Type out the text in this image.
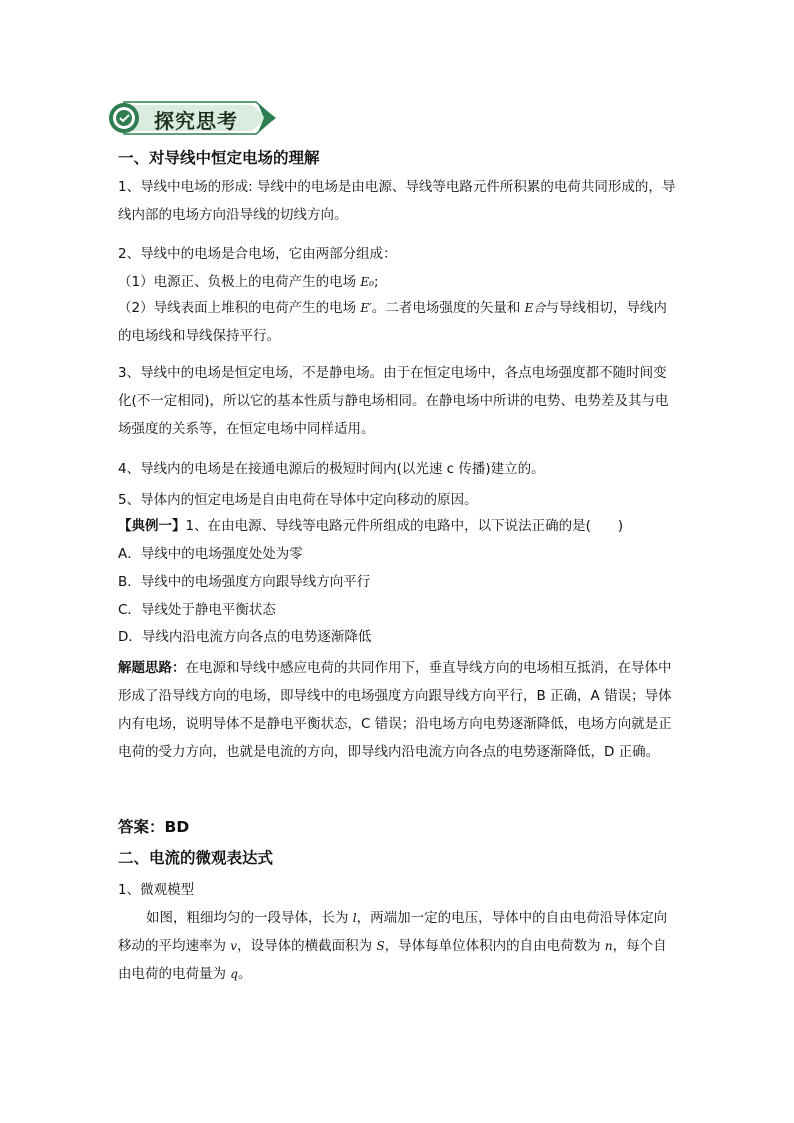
探究思考
一、对导线中恒定电场的理解
1、导线中电场的形成: 导线中的电场是由电源、导线等电路元件所积累的电荷共同形成的，导线内部的电场方向沿导线的切线方向。
2、导线中的电场是合电场，它由两部分组成：
（1）电源正、负极上的电荷产生的电场 E₀;
（2）导线表面上堆积的电荷产生的电场 E′。二者电场强度的矢量和 E合与导线相切，导线内的电场线和导线保持平行。
3、导线中的电场是恒定电场，不是静电场。由于在恒定电场中，各点电场强度都不随时间变化(不一定相同)，所以它的基本性质与静电场相同。在静电场中所讲的电势、电势差及其与电场强度的关系等，在恒定电场中同样适用。
4、导线内的电场是在接通电源后的极短时间内(以光速 c 传播)建立的。
5、导体内的恒定电场是自由电荷在导体中定向移动的原因。
【典例一】1、在由电源、导线等电路元件所组成的电路中，以下说法正确的是(　　)
A．导线中的电场强度处处为零
B．导线中的电场强度方向跟导线方向平行
C．导线处于静电平衡状态
D．导线内沿电流方向各点的电势逐渐降低
解题思路：在电源和导线中感应电荷的共同作用下，垂直导线方向的电场相互抵消，在导体中形成了沿导线方向的电场，即导线中的电场强度方向跟导线方向平行，B 正确，A 错误；导体内有电场，说明导体不是静电平衡状态，C 错误；沿电场方向电势逐渐降低，电场方向就是正电荷的受力方向，也就是电流的方向，即导线内沿电流方向各点的电势逐渐降低，D 正确。
答案：BD
二、电流的微观表达式
1、微观模型
如图，粗细均匀的一段导体，长为 l，两端加一定的电压，导体中的自由电荷沿导体定向移动的平均速率为 v，设导体的横截面积为 S，导体每单位体积内的自由电荷数为 n，每个自由电荷的电荷量为 q。
